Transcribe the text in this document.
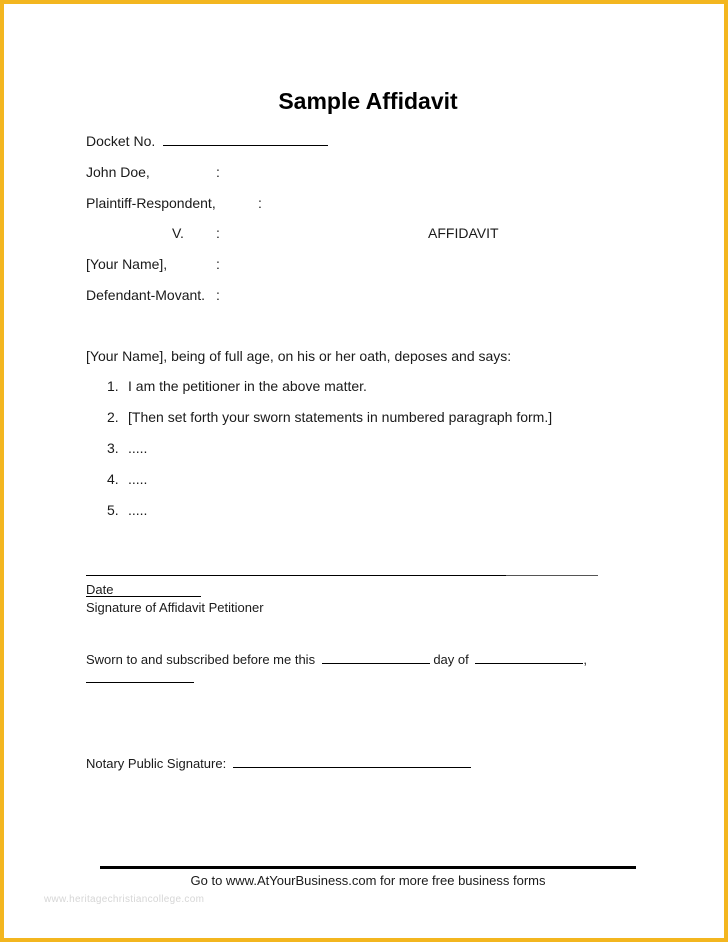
Sample Affidavit
Docket No.
John Doe,	:
Plaintiff-Respondent,	:
V. :	AFFIDAVIT
[Your Name],	:
Defendant-Movant. :
[Your Name], being of full age, on his or her oath, deposes and says:
1. I am the petitioner in the above matter.
2. [Then set forth your sworn statements in numbered paragraph form.]
3. .....
4. .....
5. .....
Date
Signature of Affidavit Petitioner
Sworn to and subscribed before me this	day of	,
Notary Public Signature:
Go to www.AtYourBusiness.com for more free business forms
www.heritagechristiancollege.com
